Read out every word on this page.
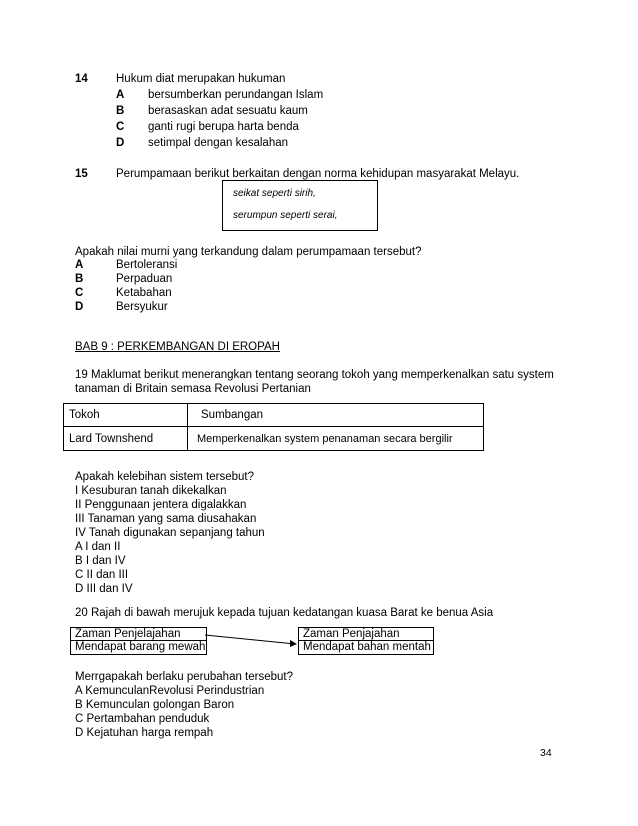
14 Hukum diat merupakan hukuman
A bersumberkan perundangan Islam
B berasaskan adat sesuatu kaum
C ganti rugi berupa harta benda
D setimpal dengan kesalahan
15 Perumpamaan berikut berkaitan dengan norma kehidupan masyarakat Melayu.
seikat seperti sirih,
serumpun seperti serai,
Apakah nilai murni yang terkandung dalam perumpamaan tersebut?
A	Bertoleransi
B	Perpaduan
C	Ketabahan
D	Bersyukur
BAB 9 : PERKEMBANGAN DI EROPAH
19 Maklumat berikut menerangkan tentang seorang tokoh yang memperkenalkan satu system
tanaman di Britain semasa Revolusi Pertanian
Tokoh	Sumbangan
Lard Townshend	Memperkenalkan system penanaman secara bergilir
Apakah kelebihan sistem tersebut?
I Kesuburan tanah dikekalkan
II Penggunaan jentera digalakkan
III Tanaman yang sama diusahakan
IV Tanah digunakan sepanjang tahun
A I dan II
B I dan IV
C II dan III
D III dan IV
20 Rajah di bawah merujuk kepada tujuan kedatangan kuasa Barat ke benua Asia
Zaman Penjelajahan
Mendapat barang mewah
Zaman Penjajahan
Mendapat bahan mentah
Merrgapakah berlaku perubahan tersebut?
A KemunculanRevolusi Perindustrian
B Kemunculan golongan Baron
C Pertambahan penduduk
D Kejatuhan harga rempah
34
